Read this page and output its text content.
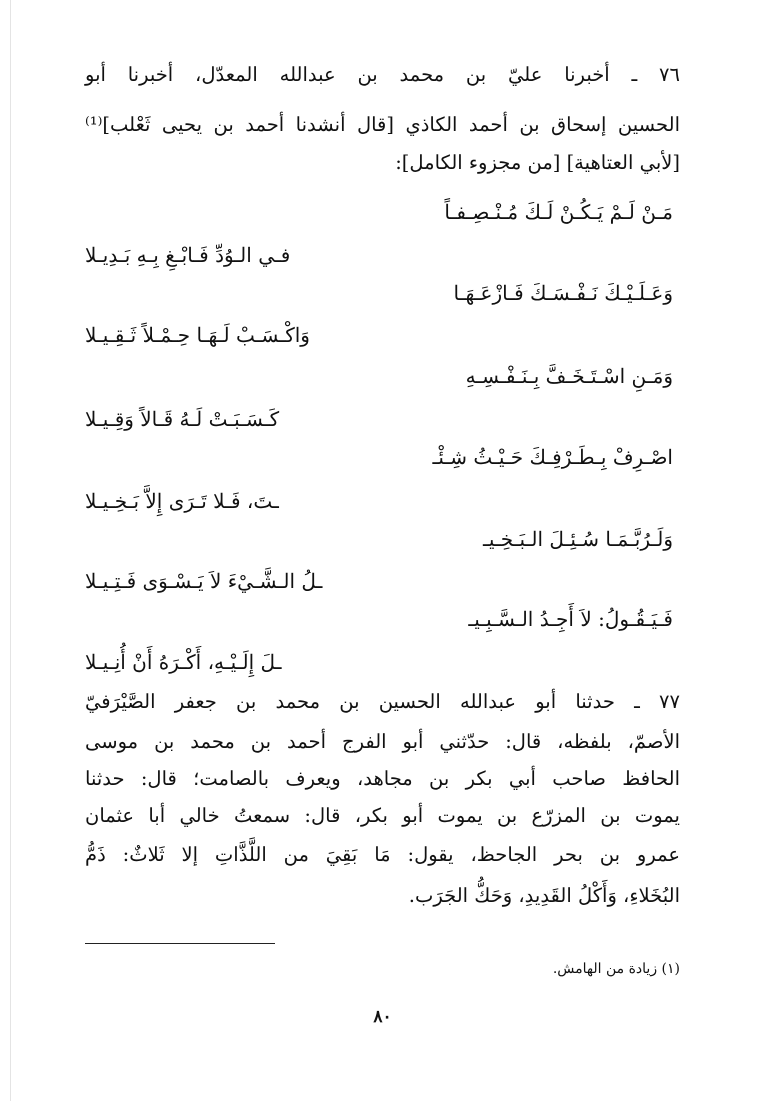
٧٦ ـ أخبرنا عليّ بن محمد بن عبدالله المعدّل، أخبرنا أبو
الحسين إسحاق بن أحمد الكاذي [قال أنشدنا أحمد بن يحيى ثَعْلب]⁽¹⁾
[لأبي العتاهية] [من مجزوء الكامل]:
مَـنْ لَـمْ يَـكُـنْ لَـكَ مُـنْـصِـفـاً
فـي الـوُدِّ فَـابْـغِ بِـهِ بَـدِيـلا
وَعَـلَـيْـكَ نَـفْـسَـكَ فَـازْعَـهَـا
وَاكْـسَـبْ لَـهَـا حِـمْـلاً ثَـقِـيـلا
وَمَـنِ اسْـتَـخَـفَّ بِـنَـفْـسِـهِ
كَـسَـبَـتْ لَـهُ قَـالاً وَقِـيـلا
اصْـرِفْ بِـطَـرْفِـكَ حَـيْـثُ شِـئْـ
ـتَ، فَـلا تَـرَى إِلاَّ بَـخِـيـلا
وَلَـرُبَّـمَـا سُـئِـلَ الـبَـخِـيـ
ـلُ الـشَّـيْءَ لاَ يَـسْـوَى فَـتِـيـلا
فَـيَـقُـولُ: لاَ أَجِـدُ الـسَّـبِـيـ
ـلَ إِلَـيْـهِ، أَكْـرَهُ أَنْ أُنِـيـلا
٧٧ ـ حدثنا أبو عبدالله الحسين بن محمد بن جعفر الصَّيْرَفيّ
الأصمّ، بلفظه، قال: حدّثني أبو الفرج أحمد بن محمد بن موسى
الحافظ صاحب أبي بكر بن مجاهد، ويعرف بالصامت؛ قال: حدثنا
يموت بن المزرّع بن يموت أبو بكر، قال: سمعتُ خالي أبا عثمان
عمرو بن بحر الجاحظ، يقول: مَا بَقِيَ من اللَّذَّاتِ إلا ثَلاثٌ: ذَمُّ
البُخَلاءِ، وَأَكْلُ القَدِيدِ، وَحَكُّ الجَرَب.
(١) زيادة من الهامش.
٨٠
